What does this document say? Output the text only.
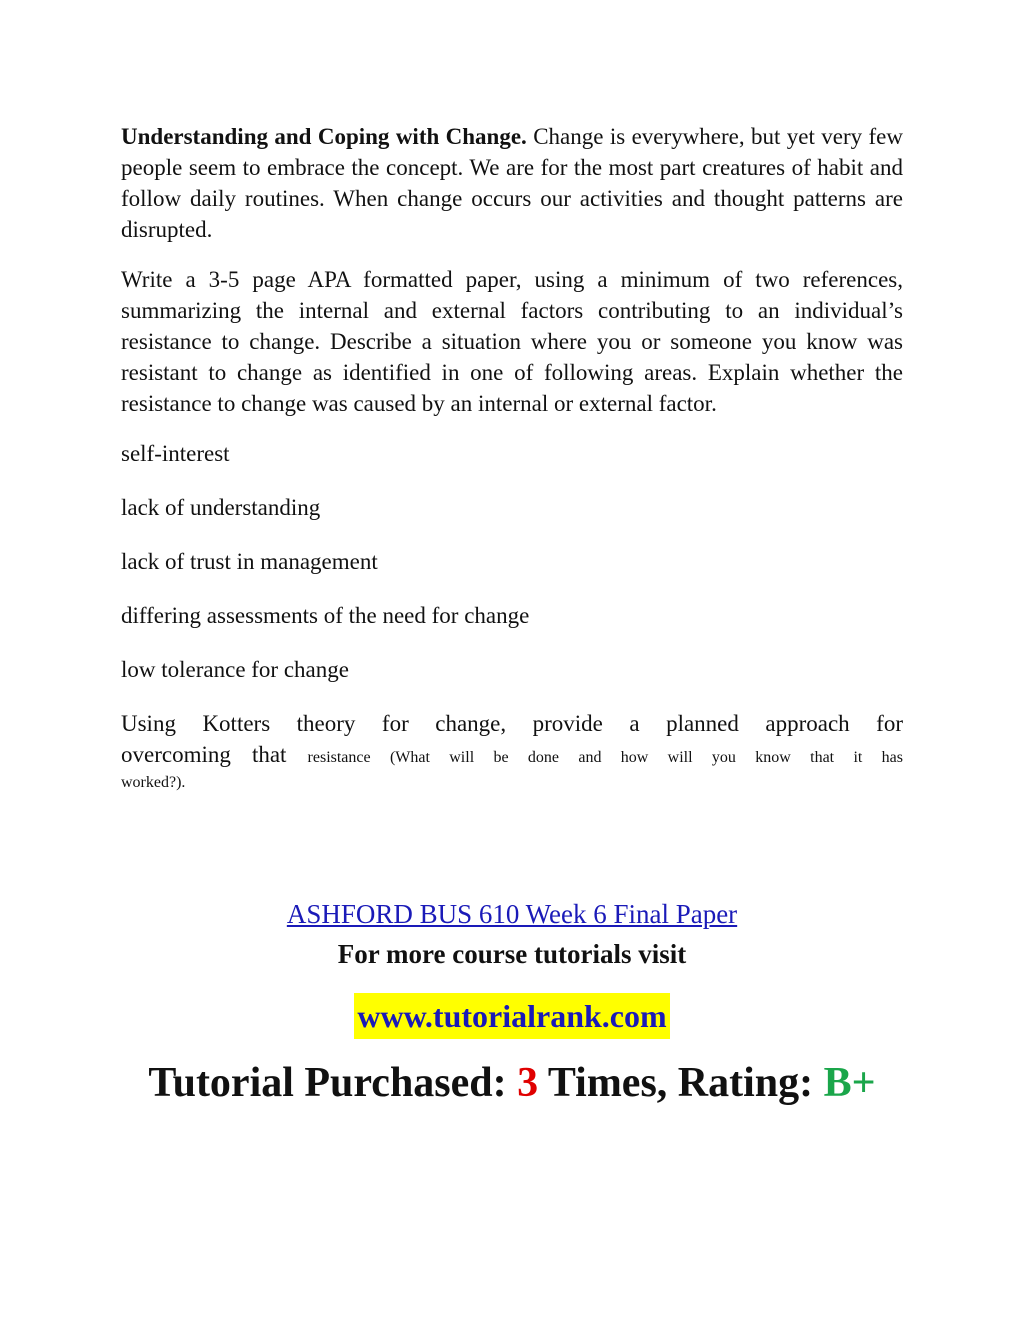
Understanding and Coping with Change. Change is everywhere, but yet very few people seem to embrace the concept. We are for the most part creatures of habit and follow daily routines. When change occurs our activities and thought patterns are disrupted.

Write a 3-5 page APA formatted paper, using a minimum of two references, summarizing the internal and external factors contributing to an individual’s resistance to change. Describe a situation where you or someone you know was resistant to change as identified in one of following areas. Explain whether the resistance to change was caused by an internal or external factor.

self-interest

lack of understanding

lack of trust in management

differing assessments of the need for change

low tolerance for change

Using Kotters theory for change, provide a planned approach for

overcoming that resistance (What will be done and how will you know that it has

worked?).

ASHFORD BUS 610 Week 6 Final Paper
For more course tutorials visit
www.tutorialrank.com
Tutorial Purchased: 3 Times, Rating: B+
